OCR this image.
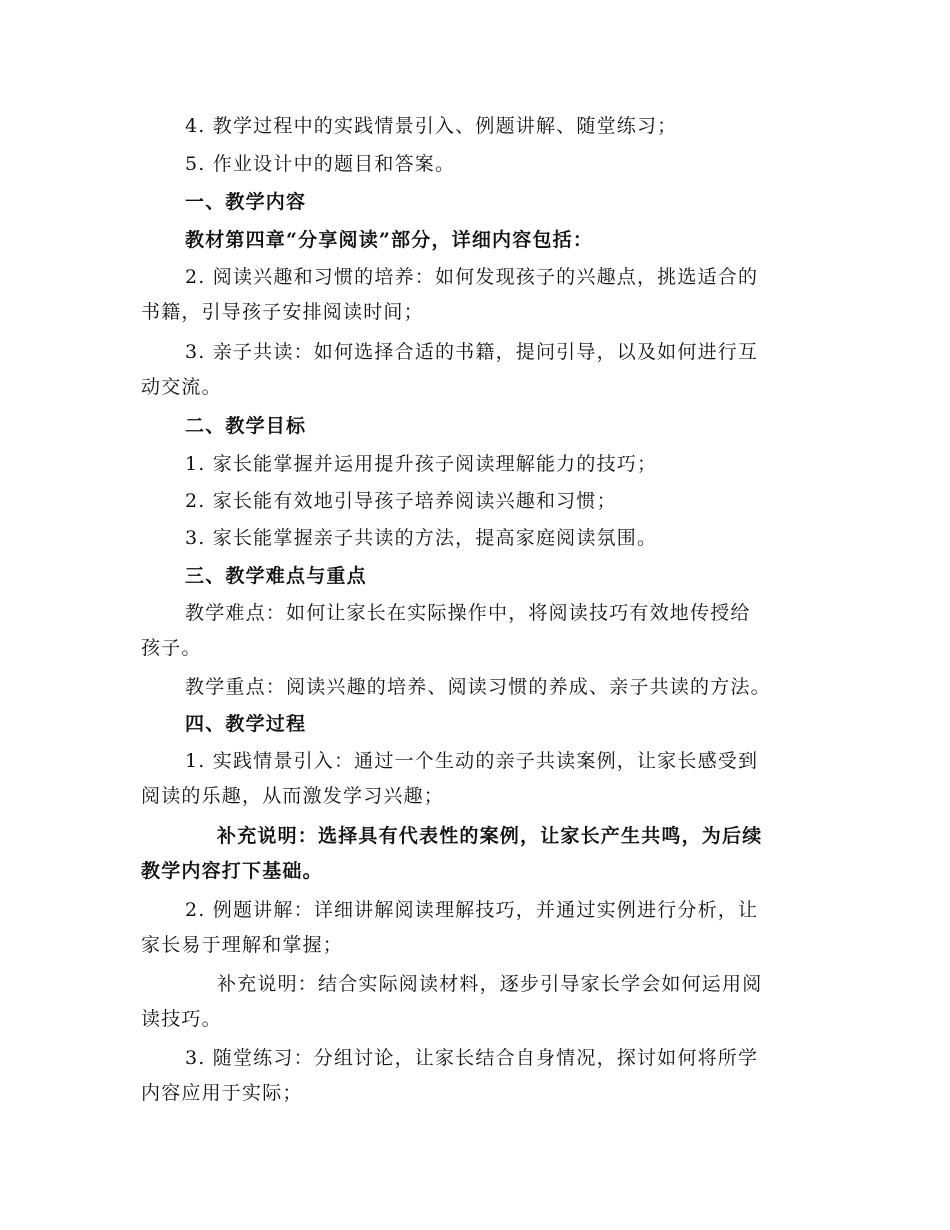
4. 教学过程中的实践情景引入、例题讲解、随堂练习；
5. 作业设计中的题目和答案。
一、教学内容
教材第四章“分享阅读”部分，详细内容包括：
2. 阅读兴趣和习惯的培养：如何发现孩子的兴趣点，挑选适合的
书籍，引导孩子安排阅读时间；
3. 亲子共读：如何选择合适的书籍，提问引导，以及如何进行互
动交流。
二、教学目标
1. 家长能掌握并运用提升孩子阅读理解能力的技巧；
2. 家长能有效地引导孩子培养阅读兴趣和习惯；
3. 家长能掌握亲子共读的方法，提高家庭阅读氛围。
三、教学难点与重点
教学难点：如何让家长在实际操作中，将阅读技巧有效地传授给
孩子。
教学重点：阅读兴趣的培养、阅读习惯的养成、亲子共读的方法。
四、教学过程
1. 实践情景引入：通过一个生动的亲子共读案例，让家长感受到
阅读的乐趣，从而激发学习兴趣；
补充说明：选择具有代表性的案例，让家长产生共鸣，为后续
教学内容打下基础。
2. 例题讲解：详细讲解阅读理解技巧，并通过实例进行分析，让
家长易于理解和掌握；
补充说明：结合实际阅读材料，逐步引导家长学会如何运用阅
读技巧。
3. 随堂练习：分组讨论，让家长结合自身情况，探讨如何将所学
内容应用于实际；
